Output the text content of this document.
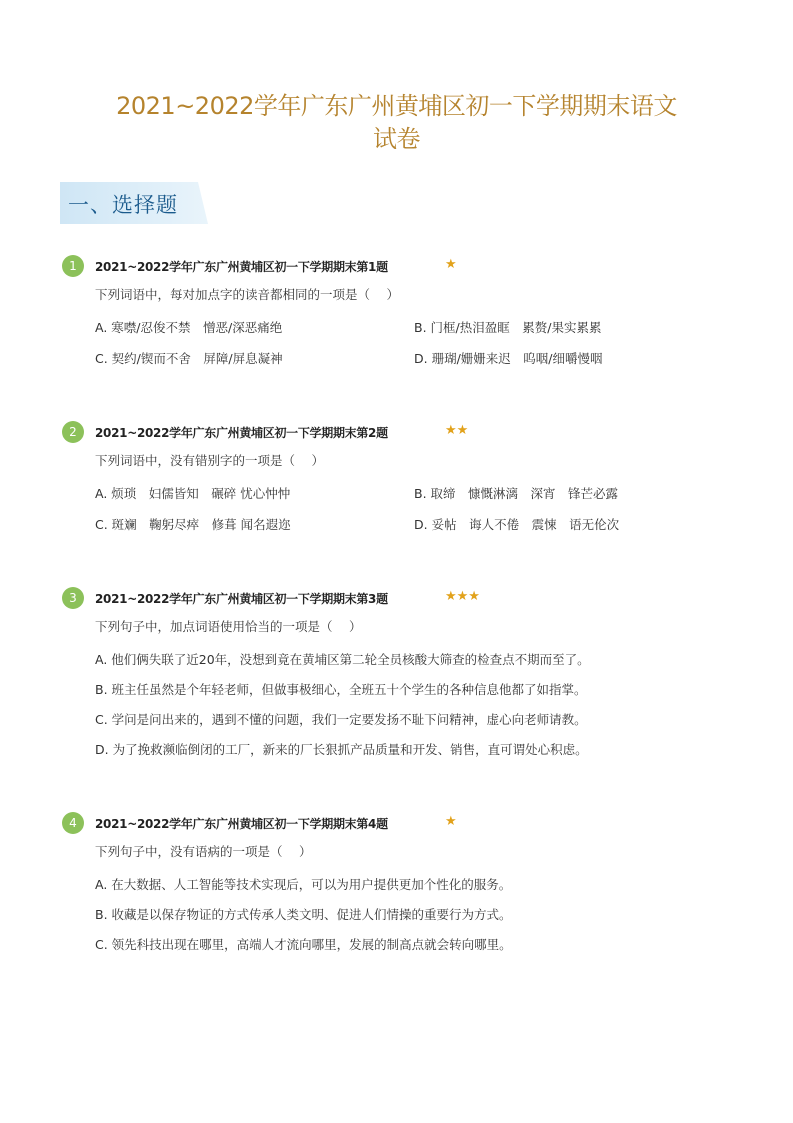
2021~2022学年广东广州黄埔区初一下学期期末语文
试卷
一、选择题
1	2021~2022学年广东广州黄埔区初一下学期期末第1题	★
下列词语中，每对加点字的读音都相同的一项是（　 ）
A. 寒噤/忍俊不禁　憎恶/深恶痛绝	B. 门框/热泪盈眶　累赘/果实累累
C. 契约/锲而不舍　屏障/屏息凝神	D. 珊瑚/姗姗来迟　呜咽/细嚼慢咽
2	2021~2022学年广东广州黄埔区初一下学期期末第2题	★★
下列词语中，没有错别字的一项是（　 ）
A. 烦琐　妇儒皆知　碾碎 忧心忡忡	B. 取缔　慷慨淋漓　深宵　锋芒必露
C. 斑斓　鞠躬尽瘁　修葺 闻名遐迩	D. 妥帖　诲人不倦　震悚　语无伦次
3	2021~2022学年广东广州黄埔区初一下学期期末第3题	★★★
下列句子中，加点词语使用恰当的一项是（　 ）
A. 他们俩失联了近20年，没想到竟在黄埔区第二轮全员核酸大筛查的检查点不期而至了。
B. 班主任虽然是个年轻老师，但做事极细心，全班五十个学生的各种信息他都了如指掌。
C. 学问是问出来的，遇到不懂的问题，我们一定要发扬不耻下问精神，虚心向老师请教。
D. 为了挽救濒临倒闭的工厂，新来的厂长狠抓产品质量和开发、销售，直可谓处心积虑。
4	2021~2022学年广东广州黄埔区初一下学期期末第4题	★
下列句子中，没有语病的一项是（　 ）
A. 在大数据、人工智能等技术实现后，可以为用户提供更加个性化的服务。
B. 收藏是以保存物证的方式传承人类文明、促进人们情操的重要行为方式。
C. 领先科技出现在哪里，高端人才流向哪里，发展的制高点就会转向哪里。
